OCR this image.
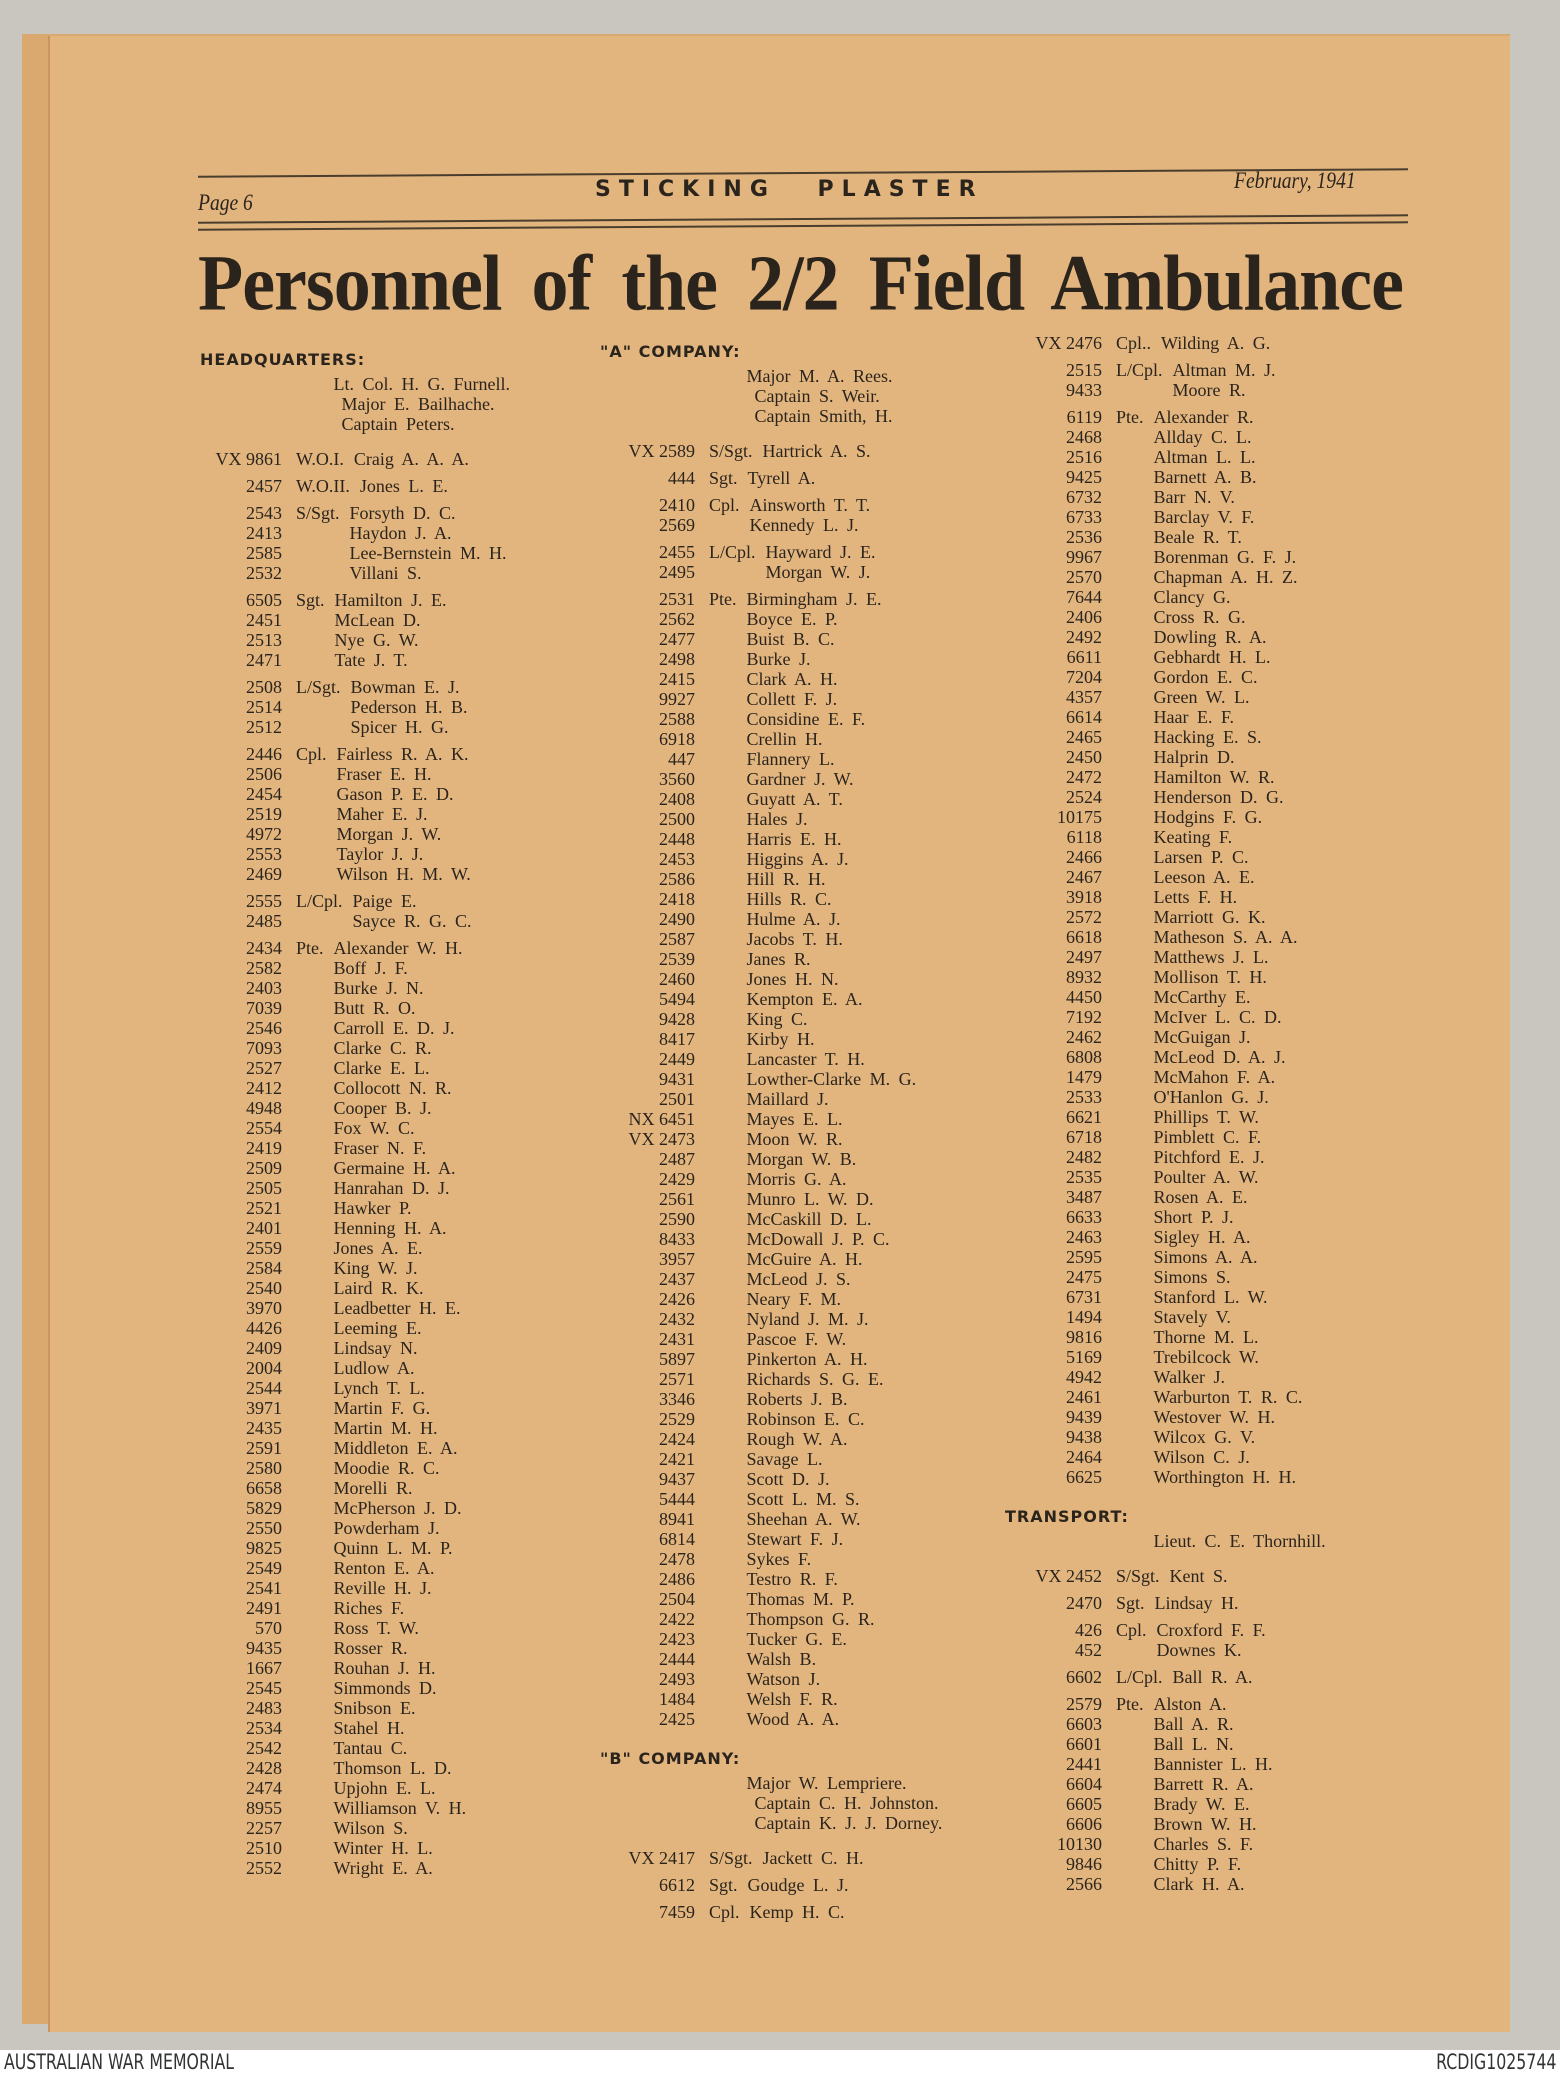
Page 6
STICKING PLASTER	February, 1941
Personnel of the 2/2 Field Ambulance
HEADQUARTERS:
Lt. Col. H. G. Furnell.
Major E. Bailhache.
Captain Peters.
VX 9861 W.O.I. Craig A. A. A.
2457 W.O.II. Jones L. E.
2543 S/Sgt. Forsyth D. C.
2413	Haydon J. A.
2585	Lee-Bernstein M. H.
2532	Villani S.
6505 Sgt. Hamilton J. E.
2451	McLean D.
2513	Nye G. W.
2471	Tate J. T.
2508 L/Sgt. Bowman E. J.
2514	Pederson H. B.
2512	Spicer H. G.
2446 Cpl. Fairless R. A. K.
2506	Fraser E. H.
2454	Gason P. E. D.
2519	Maher E. J.
4972	Morgan J. W.
2553	Taylor J. J.
2469	Wilson H. M. W.
2555 L/Cpl. Paige E.
2485	Sayce R. G. C.
2434 Pte. Alexander W. H.
2582	Boff J. F.
2403	Burke J. N.
7039	Butt R. O.
2546	Carroll E. D. J.
7093	Clarke C. R.
2527	Clarke E. L.
2412	Collocott N. R.
4948	Cooper B. J.
2554	Fox W. C.
2419	Fraser N. F.
2509	Germaine H. A.
2505	Hanrahan D. J.
2521	Hawker P.
2401	Henning H. A.
2559	Jones A. E.
2584	King W. J.
2540	Laird R. K.
3970	Leadbetter H. E.
4426	Leeming E.
2409	Lindsay N.
2004	Ludlow A.
2544	Lynch T. L.
3971	Martin F. G.
2435	Martin M. H.
2591	Middleton E. A.
2580	Moodie R. C.
6658	Morelli R.
5829	McPherson J. D.
2550	Powderham J.
9825	Quinn L. M. P.
2549	Renton E. A.
2541	Reville H. J.
2491	Riches F.
570	Ross T. W.
9435	Rosser R.
1667	Rouhan J. H.
2545	Simmonds D.
2483	Snibson E.
2534	Stahel H.
2542	Tantau C.
2428	Thomson L. D.
2474	Upjohn E. L.
8955	Williamson V. H.
2257	Wilson S.
2510	Winter H. L.
2552	Wright E. A.
"A" COMPANY:
Major M. A. Rees.
Captain S. Weir.
Captain Smith, H.
VX 2589 S/Sgt. Hartrick A. S.
444 Sgt. Tyrell A.
2410 Cpl. Ainsworth T. T.
2569	Kennedy L. J.
2455 L/Cpl. Hayward J. E.
2495	Morgan W. J.
2531 Pte. Birmingham J. E.
2562	Boyce E. P.
2477	Buist B. C.
2498	Burke J.
2415	Clark A. H.
9927	Collett F. J.
2588	Considine E. F.
6918	Crellin H.
447	Flannery L.
3560	Gardner J. W.
2408	Guyatt A. T.
2500	Hales J.
2448	Harris E. H.
2453	Higgins A. J.
2586	Hill R. H.
2418	Hills R. C.
2490	Hulme A. J.
2587	Jacobs T. H.
2539	Janes R.
2460	Jones H. N.
5494	Kempton E. A.
9428	King C.
8417	Kirby H.
2449	Lancaster T. H.
9431	Lowther-Clarke M. G.
2501	Maillard J.
NX 6451	Mayes E. L.
VX 2473	Moon W. R.
2487	Morgan W. B.
2429	Morris G. A.
2561	Munro L. W. D.
2590	McCaskill D. L.
8433	McDowall J. P. C.
3957	McGuire A. H.
2437	McLeod J. S.
2426	Neary F. M.
2432	Nyland J. M. J.
2431	Pascoe F. W.
5897	Pinkerton A. H.
2571	Richards S. G. E.
3346	Roberts J. B.
2529	Robinson E. C.
2424	Rough W. A.
2421	Savage L.
9437	Scott D. J.
5444	Scott L. M. S.
8941	Sheehan A. W.
6814	Stewart F. J.
2478	Sykes F.
2486	Testro R. F.
2504	Thomas M. P.
2422	Thompson G. R.
2423	Tucker G. E.
2444	Walsh B.
2493	Watson J.
1484	Welsh F. R.
2425	Wood A. A.
"B" COMPANY:
Major W. Lempriere.
Captain C. H. Johnston.
Captain K. J. J. Dorney.
VX 2417 S/Sgt. Jackett C. H.
6612 Sgt. Goudge L. J.
7459 Cpl. Kemp H. C.
VX 2476 Cpl.. Wilding A. G.
2515 L/Cpl. Altman M. J.
9433	Moore R.
6119 Pte. Alexander R.
2468	Allday C. L.
2516	Altman L. L.
9425	Barnett A. B.
6732	Barr N. V.
6733	Barclay V. F.
2536	Beale R. T.
9967	Borenman G. F. J.
2570	Chapman A. H. Z.
7644	Clancy G.
2406	Cross R. G.
2492	Dowling R. A.
6611	Gebhardt H. L.
7204	Gordon E. C.
4357	Green W. L.
6614	Haar E. F.
2465	Hacking E. S.
2450	Halprin D.
2472	Hamilton W. R.
2524	Henderson D. G.
10175	Hodgins F. G.
6118	Keating F.
2466	Larsen P. C.
2467	Leeson A. E.
3918	Letts F. H.
2572	Marriott G. K.
6618	Matheson S. A. A.
2497	Matthews J. L.
8932	Mollison T. H.
4450	McCarthy E.
7192	McIver L. C. D.
2462	McGuigan J.
6808	McLeod D. A. J.
1479	McMahon F. A.
2533	O'Hanlon G. J.
6621	Phillips T. W.
6718	Pimblett C. F.
2482	Pitchford E. J.
2535	Poulter A. W.
3487	Rosen A. E.
6633	Short P. J.
2463	Sigley H. A.
2595	Simons A. A.
2475	Simons S.
6731	Stanford L. W.
1494	Stavely V.
9816	Thorne M. L.
5169	Trebilcock W.
4942	Walker J.
2461	Warburton T. R. C.
9439	Westover W. H.
9438	Wilcox G. V.
2464	Wilson C. J.
6625	Worthington H. H.
TRANSPORT:
Lieut. C. E. Thornhill.
VX 2452 S/Sgt. Kent S.
2470 Sgt. Lindsay H.
426 Cpl. Croxford F. F.
452	Downes K.
6602 L/Cpl. Ball R. A.
2579 Pte. Alston A.
6603	Ball A. R.
6601	Ball L. N.
2441	Bannister L. H.
6604	Barrett R. A.
6605	Brady W. E.
6606	Brown W. H.
10130	Charles S. F.
9846	Chitty P. F.
2566	Clark H. A.
AUSTRALIAN WAR MEMORIAL	RCDIG1025744
